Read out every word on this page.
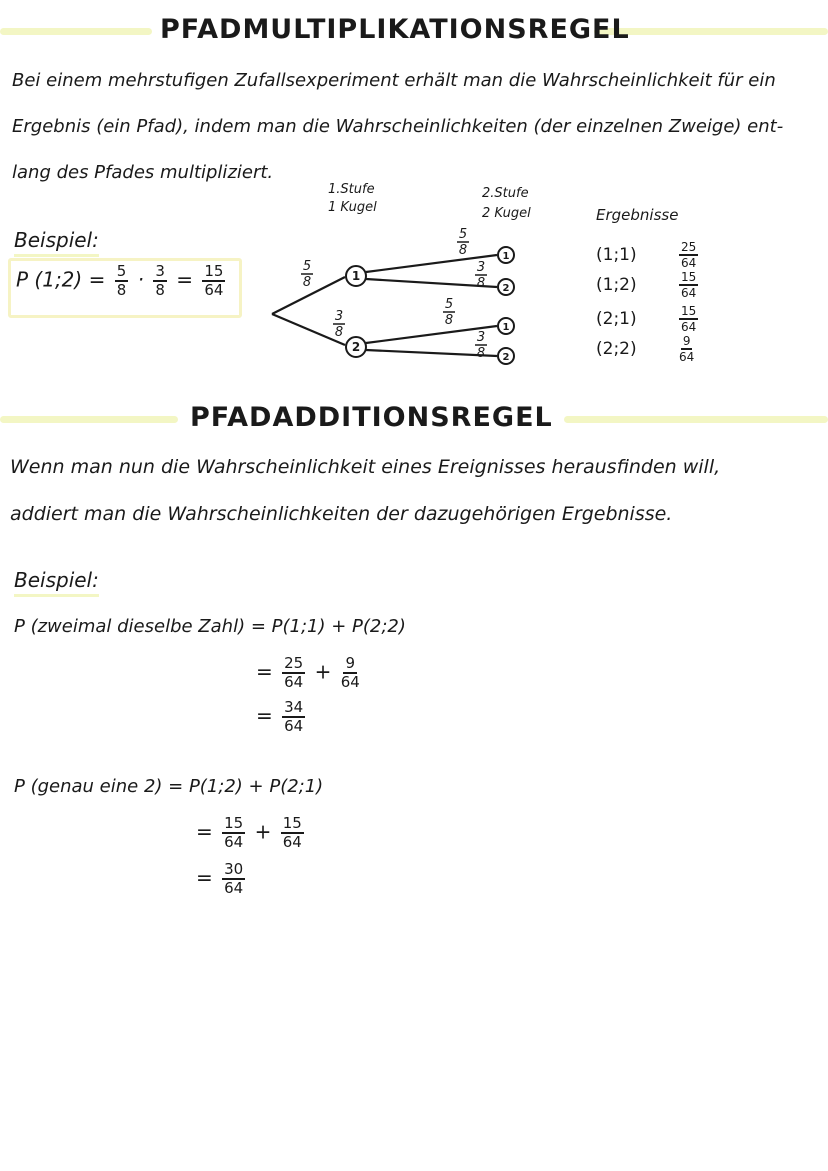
PFADMULTIPLIKATIONSREGEL
Bei einem mehrstufigen Zufallsexperiment erhält man die Wahrscheinlichkeit für ein
Ergebnis (ein Pfad), indem man die Wahrscheinlichkeiten (der einzelnen Zweige) ent-
lang des Pfades multipliziert.
Beispiel:
P (1;2) = $\frac{5}{8} \cdot \frac{3}{8} = \frac{15}{64}$	1
2
1
2
1
2
5
8
3
8
5
8
3
8
5
8
3
8
1.Stufe
1 Kugel
2.Stufe
2 Kugel	Ergebnisse
(1;1)	$\frac{25}{64}$
(1;2)	$\frac{15}{64}$
(2;1)	$\frac{15}{64}$
(2;2)	$\frac{9}{64}$
PFADADDITIONSREGEL
Wenn man nun die Wahrscheinlichkeit eines Ereignisses herausfinden will,
addiert man die Wahrscheinlichkeiten der dazugehörigen Ergebnisse.
Beispiel:
P (zweimal dieselbe Zahl) = P(1;1) + P(2;2)
= $\frac{25}{64} + \frac{9}{64}$
= $\frac{34}{64}$
P (genau eine 2) = P(1;2) + P(2;1)
= $\frac{15}{64} + \frac{15}{64}$
= $\frac{30}{64}$
